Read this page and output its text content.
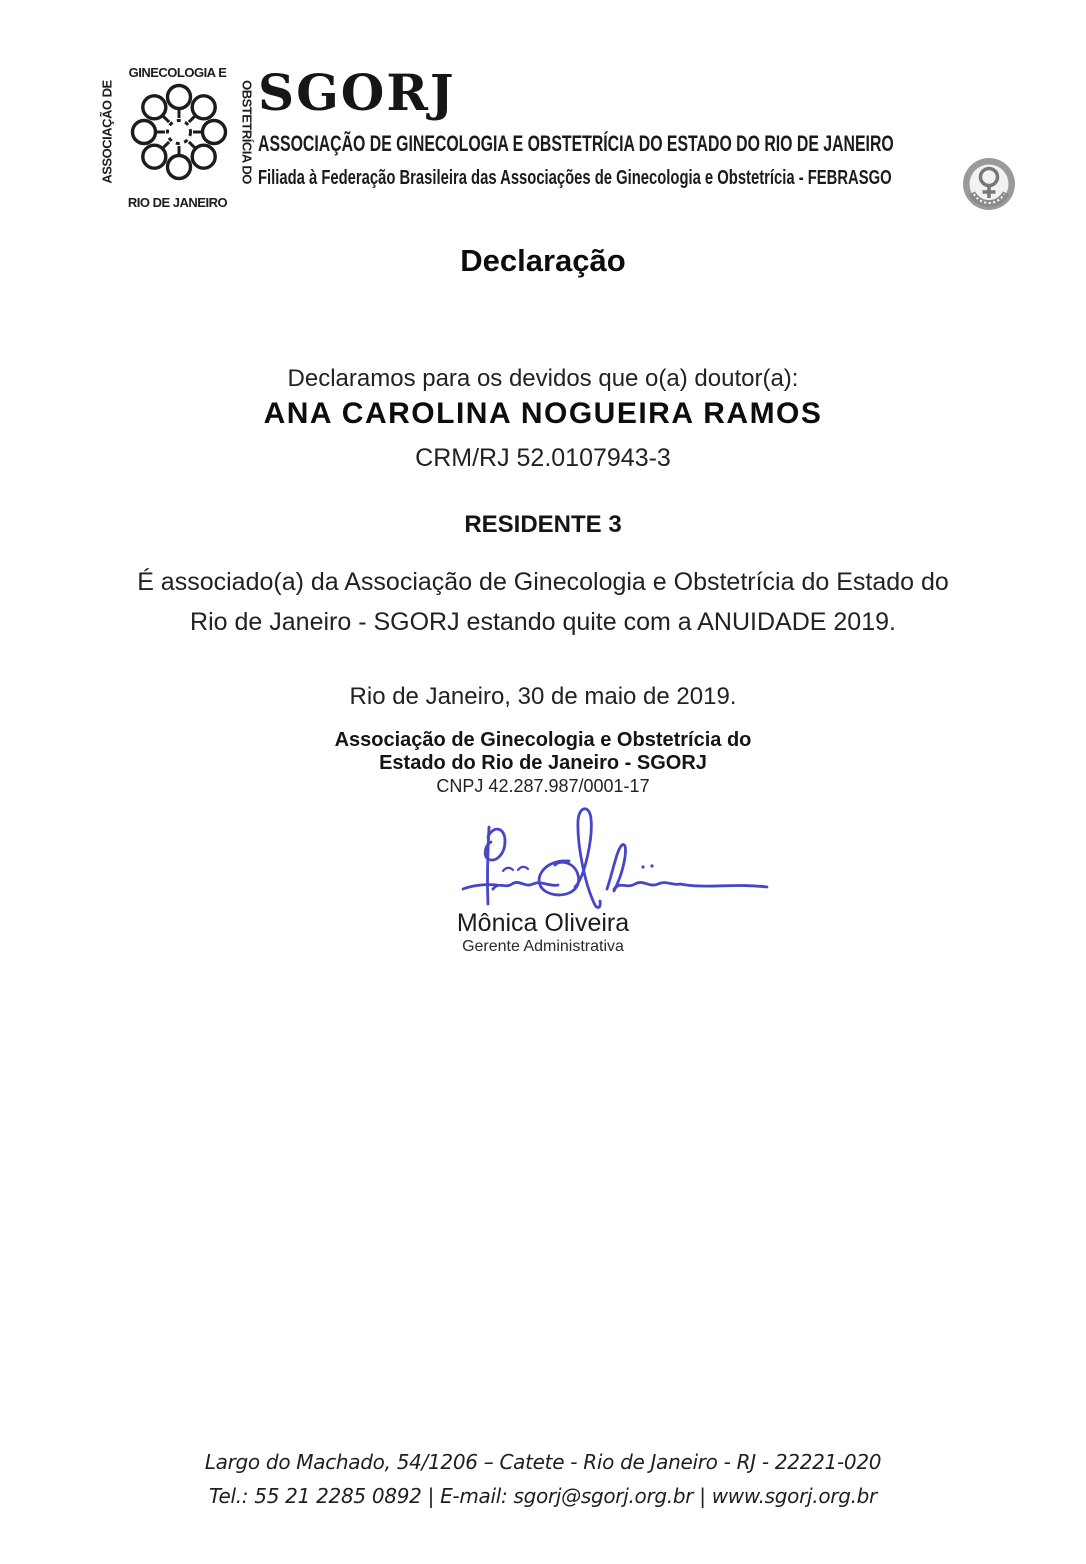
GINECOLOGIA E
ASSOCIAÇÃO DE	OBSTETRÍCIA DO
RIO DE JANEIRO
SGORJ
ASSOCIAÇÃO DE GINECOLOGIA E OBSTETRÍCIA DO ESTADO DO RIO DE JANEIRO
Filiada à Federação Brasileira das Associações de Ginecologia e Obstetrícia - FEBRASGO
Declaração
Declaramos para os devidos que o(a) doutor(a):
ANA CAROLINA NOGUEIRA RAMOS
CRM/RJ 52.0107943-3
RESIDENTE 3
É associado(a) da Associação de Ginecologia e Obstetrícia do Estado do Rio de Janeiro - SGORJ estando quite com a ANUIDADE 2019.
Rio de Janeiro, 30 de maio de 2019.
Associação de Ginecologia e Obstetrícia do
Estado do Rio de Janeiro - SGORJ
CNPJ 42.287.987/0001-17
Mônica Oliveira
Gerente Administrativa
Largo do Machado, 54/1206 – Catete - Rio de Janeiro - RJ - 22221-020
Tel.: 55 21 2285 0892 | E-mail: sgorj@sgorj.org.br | www.sgorj.org.br
